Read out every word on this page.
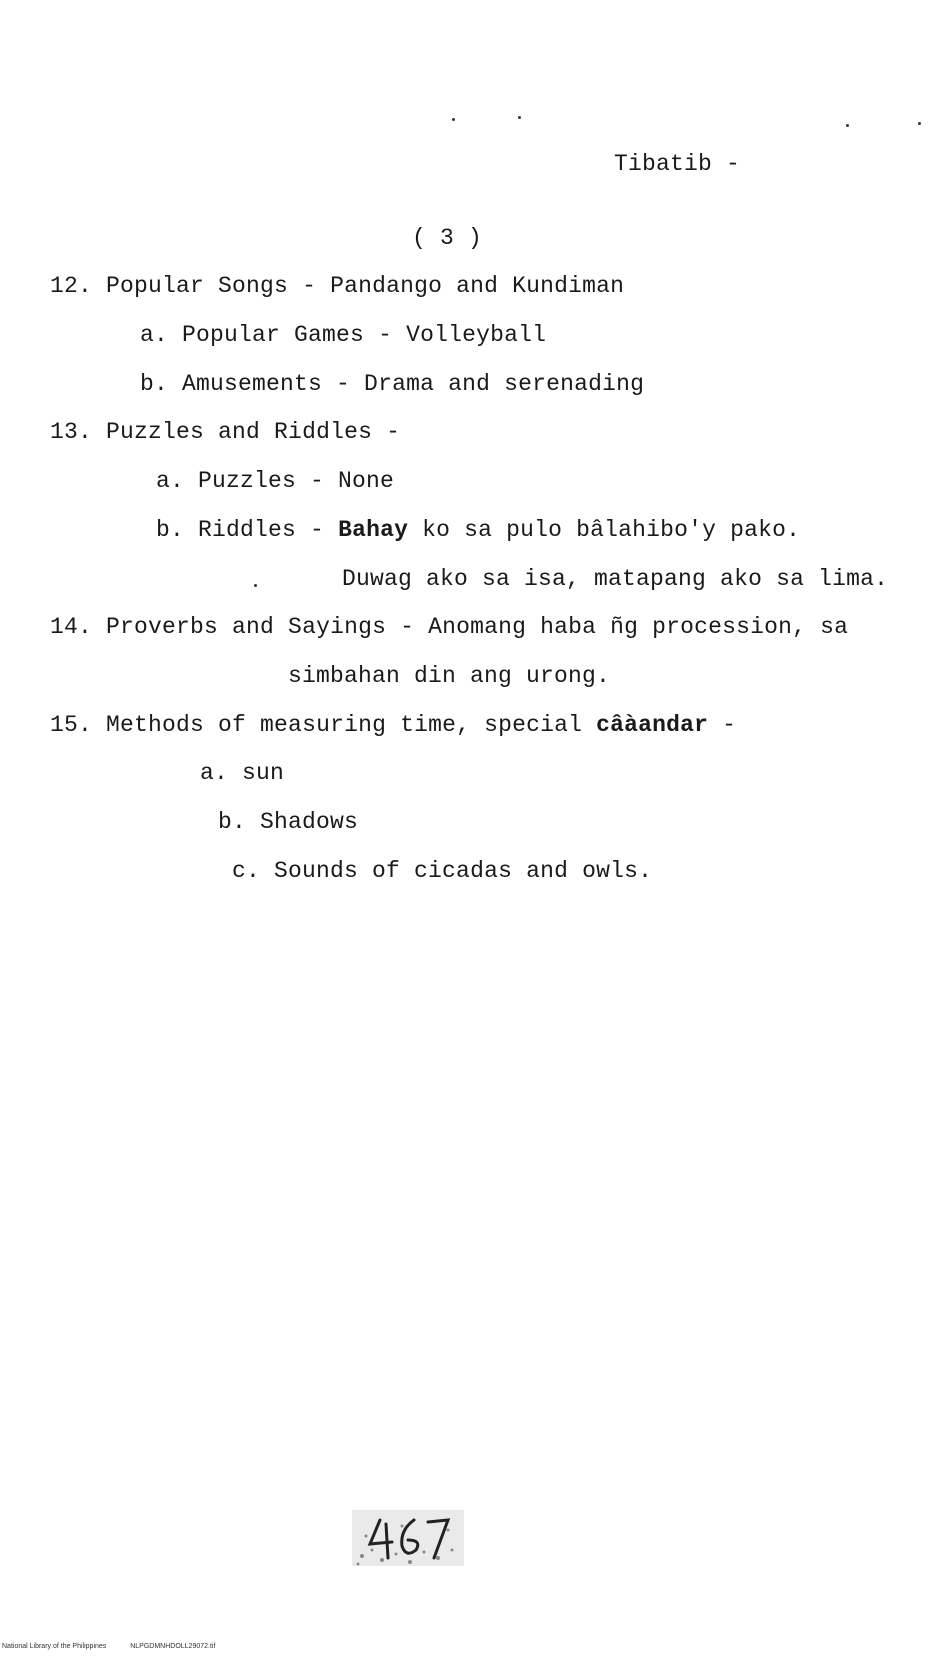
Tibatib -
( 3 )
12. Popular Songs - Pandango and Kundiman
a. Popular Games - Volleyball
b. Amusements - Drama and serenading
13. Puzzles and Riddles -
a. Puzzles - None
b. Riddles - Bahay ko sa pulo bâlahibo'y pako.
Duwag ako sa isa, matapang ako sa lima.
14. Proverbs and Sayings - Anomang haba ñg procession, sa
simbahan din ang urong.
15. Methods of measuring time, special câàandar -
a. sun
b. Shadows
c. Sounds of cicadas and owls.
National Library of the Philippines	NLPGDMNHDOLL29072.tif
